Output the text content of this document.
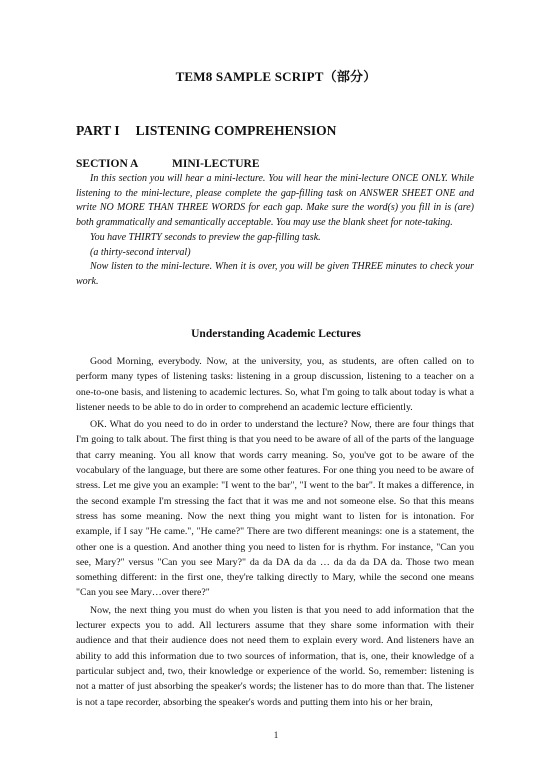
TEM8 SAMPLE SCRIPT（部分）
PART I LISTENING COMPREHENSION
SECTION A	MINI-LECTURE

In this section you will hear a mini-lecture. You will hear the mini-lecture ONCE ONLY. While listening to the mini-lecture, please complete the gap-filling task on ANSWER SHEET ONE and write NO MORE THAN THREE WORDS for each gap. Make sure the word(s) you fill in is (are) both grammatically and semantically acceptable. You may use the blank sheet for note-taking.

You have THIRTY seconds to preview the gap-filling task.

(a thirty-second interval)

Now listen to the mini-lecture. When it is over, you will be given THREE minutes to check your work.

Understanding Academic Lectures

Good Morning, everybody. Now, at the university, you, as students, are often called on to perform many types of listening tasks: listening in a group discussion, listening to a teacher on a one-to-one basis, and listening to academic lectures. So, what I'm going to talk about today is what a listener needs to be able to do in order to comprehend an academic lecture efficiently.

OK. What do you need to do in order to understand the lecture? Now, there are four things that I'm going to talk about. The first thing is that you need to be aware of all of the parts of the language that carry meaning. You all know that words carry meaning. So, you've got to be aware of the vocabulary of the language, but there are some other features. For one thing you need to be aware of stress. Let me give you an example: "I went to the bar", "I went to the bar". It makes a difference, in the second example I'm stressing the fact that it was me and not someone else. So that this means stress has some meaning. Now the next thing you might want to listen for is intonation. For example, if I say "He came.", "He came?" There are two different meanings: one is a statement, the other one is a question. And another thing you need to listen for is rhythm. For instance, "Can you see, Mary?" versus "Can you see Mary?" da da DA da da … da da da DA da. Those two mean something different: in the first one, they're talking directly to Mary, while the second one means "Can you see Mary…over there?"

Now, the next thing you must do when you listen is that you need to add information that the lecturer expects you to add. All lecturers assume that they share some information with their audience and that their audience does not need them to explain every word. And listeners have an ability to add this information due to two sources of information, that is, one, their knowledge of a particular subject and, two, their knowledge or experience of the world. So, remember: listening is not a matter of just absorbing the speaker's words; the listener has to do more than that. The listener is not a tape recorder, absorbing the speaker's words and putting them into his or her brain,

1
